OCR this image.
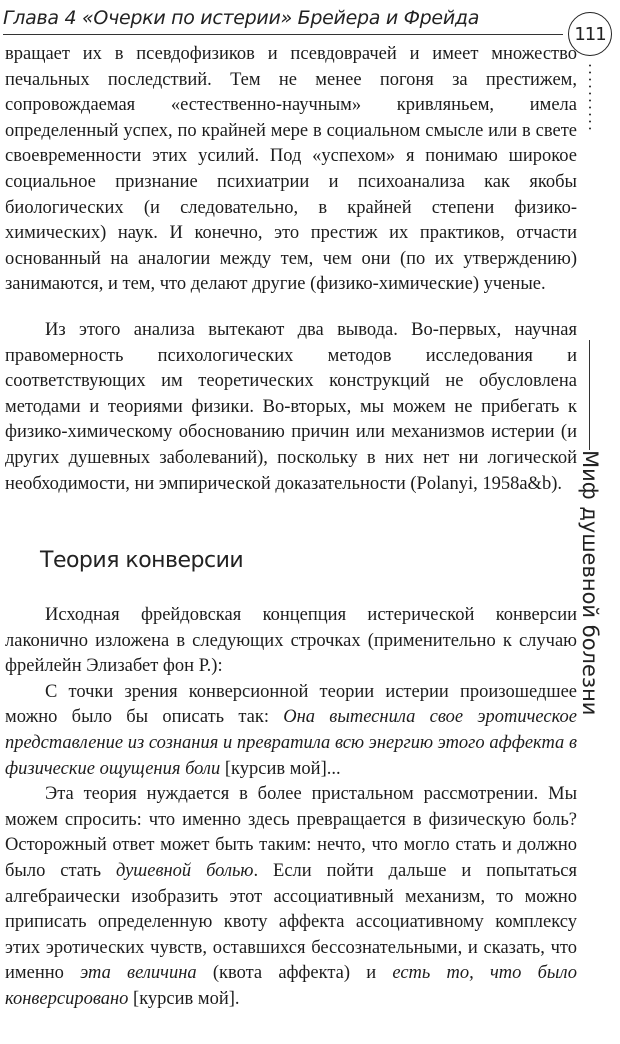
Глава 4 «Очерки по истерии» Брейера и Фрейда
111
Миф душевной болезни

вращает их в псевдофизиков и псевдоврачей и имеет множество печальных последствий. Тем не менее погоня за престижем, сопровождаемая «естественно-научным» кривляньем, имела определенный успех, по крайней мере в социальном смысле или в свете своевременности этих усилий. Под «успехом» я понимаю широкое социальное признание психиатрии и психоанализа как якобы биологических (и следовательно, в крайней степени физико-химических) наук. И конечно, это престиж их практиков, отчасти основанный на аналогии между тем, чем они (по их утверждению) занимаются, и тем, что делают другие (физико-химические) ученые.

Из этого анализа вытекают два вывода. Во-первых, научная правомерность психологических методов исследования и соответствующих им теоретических конструкций не обусловлена методами и теориями физики. Во-вторых, мы можем не прибегать к физико-химическому обоснованию причин или механизмов истерии (и других душевных заболеваний), поскольку в них нет ни логической необходимости, ни эмпирической доказательности (Polanyi, 1958a&b).

Теория конверсии

Исходная фрейдовская концепция истерической конверсии лаконично изложена в следующих строчках (применительно к случаю фрейлейн Элизабет фон Р.):

С точки зрения конверсионной теории истерии произошедшее можно было бы описать так: Она вытеснила свое эротическое представление из сознания и превратила всю энергию этого аффекта в физические ощущения боли [курсив мой]...

Эта теория нуждается в более пристальном рассмотрении. Мы можем спросить: что именно здесь превращается в физическую боль? Осторожный ответ может быть таким: нечто, что могло стать и должно было стать душевной болью. Если пойти дальше и попытаться алгебраически изобразить этот ассоциативный механизм, то можно приписать определенную квоту аффекта ассоциативному комплексу этих эротических чувств, оставшихся бессознательными, и сказать, что именно эта величина (квота аффекта) и есть то, что было конверсировано [курсив мой].
